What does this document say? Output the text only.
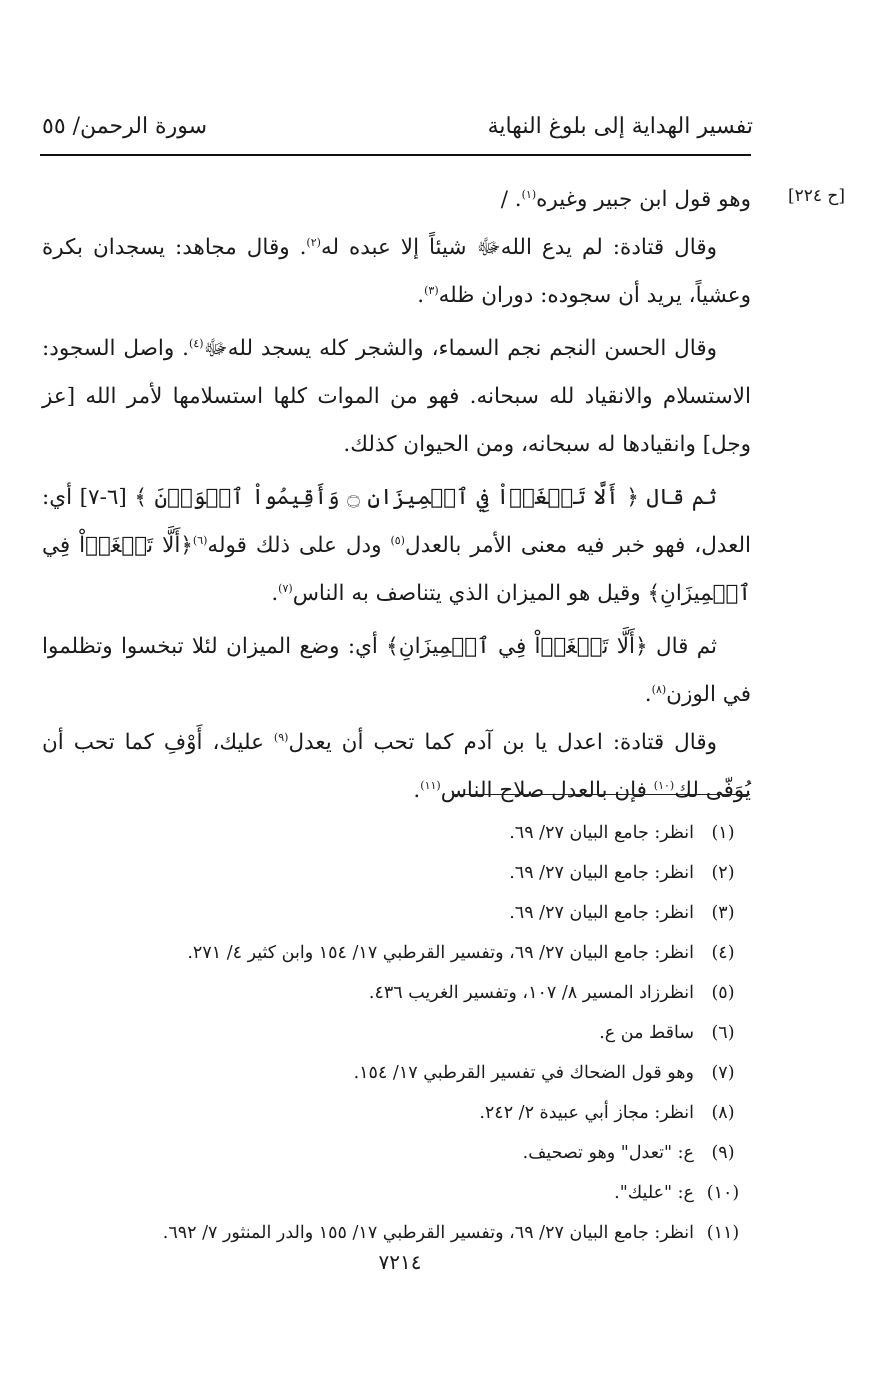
تفسير الهداية إلى بلوغ النهاية
سورة الرحمن/ ٥٥
[ح ٢٢٤]

وهو قول ابن جبير وغيره$^{(١)}$. /

وقال قتادة: لم يدع اللهﷻ شيئاً إلا عبده له$^{(٢)}$. وقال مجاهد: يسجدان بكرة وعشياً، يريد أن سجوده: دوران ظله$^{(٣)}$.

وقال الحسن النجم نجم السماء، والشجر كله يسجد للهﷻ$^{(٤)}$. واصل السجود: الاستسلام والانقياد لله سبحانه. فهو من الموات كلها استسلامها لأمر الله [عز وجل] وانقيادها له سبحانه، ومن الحيوان كذلك.

ثم قال ﴿ أَلَّا تَطۡغَوۡاْ فِي ٱلۡمِيزَانِ ۝ وَأَقِيمُواْ ٱلۡوَزۡنَ ﴾ [٦-٧] أي: العدل، فهو خبر فيه معنى الأمر بالعدل$^{(٥)}$ ودل على ذلك قوله$^{(٦)}$﴿أَلَّا تَطۡغَوۡاْ فِي ٱلۡمِيزَانِ﴾ وقيل هو الميزان الذي يتناصف به الناس$^{(٧)}$.

ثم قال ﴿أَلَّا تَطۡغَوۡاْ فِي ٱلۡمِيزَانِ﴾ أي: وضع الميزان لئلا تبخسوا وتظلموا في الوزن$^{(٨)}$.

وقال قتادة: اعدل يا بن آدم كما تحب أن يعدل$^{(٩)}$ عليك، أَوْفِ كما تحب أن يُوَفّى لك$^{(١٠)}$ فإن بالعدل صلاح الناس$^{(١١)}$.

(١)انظر: جامع البيان ٢٧/ ٦٩.
(٢)انظر: جامع البيان ٢٧/ ٦٩.
(٣)انظر: جامع البيان ٢٧/ ٦٩.
(٤)انظر: جامع البيان ٢٧/ ٦٩، وتفسير القرطبي ١٧/ ١٥٤ وابن كثير ٤/ ٢٧١.
(٥)انظرزاد المسير ٨/ ١٠٧، وتفسير الغريب ٤٣٦.
(٦)ساقط من ع.
(٧)وهو قول الضحاك في تفسير القرطبي ١٧/ ١٥٤.
(٨)انظر: مجاز أبي عبيدة ٢/ ٢٤٢.
(٩)ع: "تعدل" وهو تصحيف.
(١٠)ع: "عليك".
(١١)انظر: جامع البيان ٢٧/ ٦٩، وتفسير القرطبي ١٧/ ١٥٥ والدر المنثور ٧/ ٦٩٢.
٧٢١٤
